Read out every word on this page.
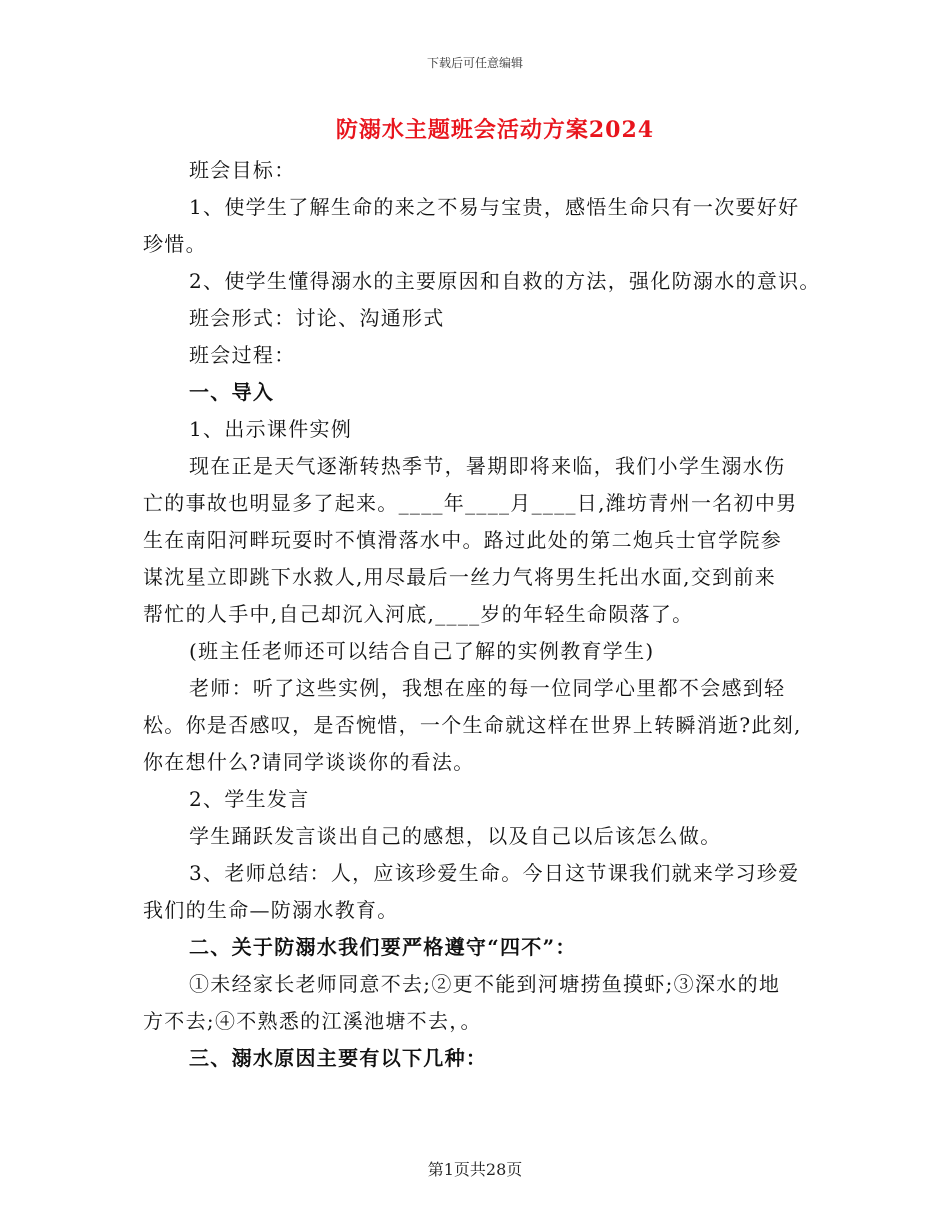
下载后可任意编辑
防溺水主题班会活动方案2024
班会目标：
1、使学生了解生命的来之不易与宝贵，感悟生命只有一次要好好
珍惜。
2、使学生懂得溺水的主要原因和自救的方法，强化防溺水的意识。
班会形式：讨论、沟通形式
班会过程：
一、导入
1、出示课件实例
现在正是天气逐渐转热季节，暑期即将来临，我们小学生溺水伤
亡的事故也明显多了起来。____年____月____日,潍坊青州一名初中男
生在南阳河畔玩耍时不慎滑落水中。路过此处的第二炮兵士官学院参
谋沈星立即跳下水救人,用尽最后一丝力气将男生托出水面,交到前来
帮忙的人手中,自己却沉入河底,____岁的年轻生命陨落了。
(班主任老师还可以结合自己了解的实例教育学生)
老师：听了这些实例，我想在座的每一位同学心里都不会感到轻
松。你是否感叹，是否惋惜，一个生命就这样在世界上转瞬消逝?此刻,
你在想什么?请同学谈谈你的看法。
2、学生发言
学生踊跃发言谈出自己的感想，以及自己以后该怎么做。
3、老师总结：人，应该珍爱生命。今日这节课我们就来学习珍爱
我们的生命—防溺水教育。
二、关于防溺水我们要严格遵守“四不”：
①未经家长老师同意不去;②更不能到河塘捞鱼摸虾;③深水的地
方不去;④不熟悉的江溪池塘不去，。
三、溺水原因主要有以下几种：
第1页共28页
